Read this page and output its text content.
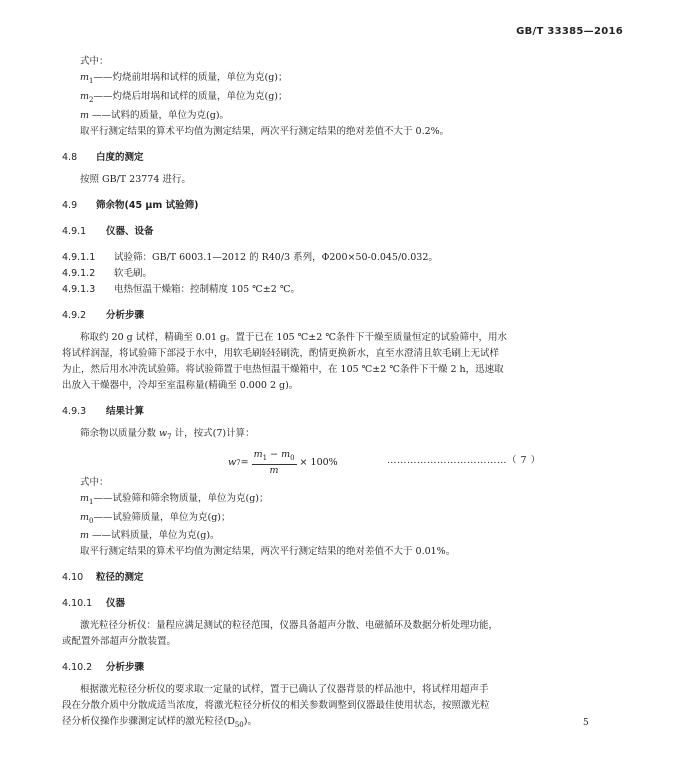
GB/T 33385—2016
式中：
$m_1——$灼烧前坩埚和试样的质量，单位为克(g)；
$m_2——$灼烧后坩埚和试样的质量，单位为克(g)；
m ——试料的质量，单位为克(g)。
取平行测定结果的算术平均值为测定结果，两次平行测定结果的绝对差值不大于 0.2%。
4.8 白度的测定
按照 GB/T 23774 进行。
4.9 筛余物(45 μm 试验筛)
4.9.1 仪器、设备
4.9.1.1 试验筛：GB/T 6003.1—2012 的 R40/3 系列，Φ200×50-0.045/0.032。
4.9.1.2 软毛刷。
4.9.1.3 电热恒温干燥箱：控制精度 105 ℃±2 ℃。
4.9.2 分析步骤
称取约 20 g 试样，精确至 0.01 g。置于已在 105 ℃±2 ℃条件下干燥至质量恒定的试验筛中，用水
将试样润湿，将试验筛下部浸于水中，用软毛刷轻轻刷洗，酌情更换新水，直至水澄清且软毛刷上无试样
为止，然后用水冲洗试验筛。将试验筛置于电热恒温干燥箱中，在 105 ℃±2 ℃条件下干燥 2 h，迅速取
出放入干燥器中，冷却至室温称量(精确至 0.000 2 g)。
4.9.3 结果计算
筛余物以质量分数 $w_7$ 计，按式(7)计算：
w $7 = \frac{m_1 - m_0}{m} \times 100\%$	………………………………（ 7 ）
式中：
$m_1——$试验筛和筛余物质量，单位为克(g)；
$m_0——$试验筛质量，单位为克(g)；
m ——试料质量，单位为克(g)。
取平行测定结果的算术平均值为测定结果，两次平行测定结果的绝对差值不大于 0.01%。
4.10 粒径的测定
4.10.1 仪器
激光粒径分析仪：量程应满足测试的粒径范围，仪器具备超声分散、电磁循环及数据分析处理功能，
或配置外部超声分散装置。
4.10.2 分析步骤
根据激光粒径分析仪的要求取一定量的试样，置于已确认了仪器背景的样品池中，将试样用超声手
段在分散介质中分散成适当浓度，将激光粒径分析仪的相关参数调整到仪器最佳使用状态，按照激光粒
径分析仪操作步骤测定试样的激光粒径$(D_{50})$。	5
